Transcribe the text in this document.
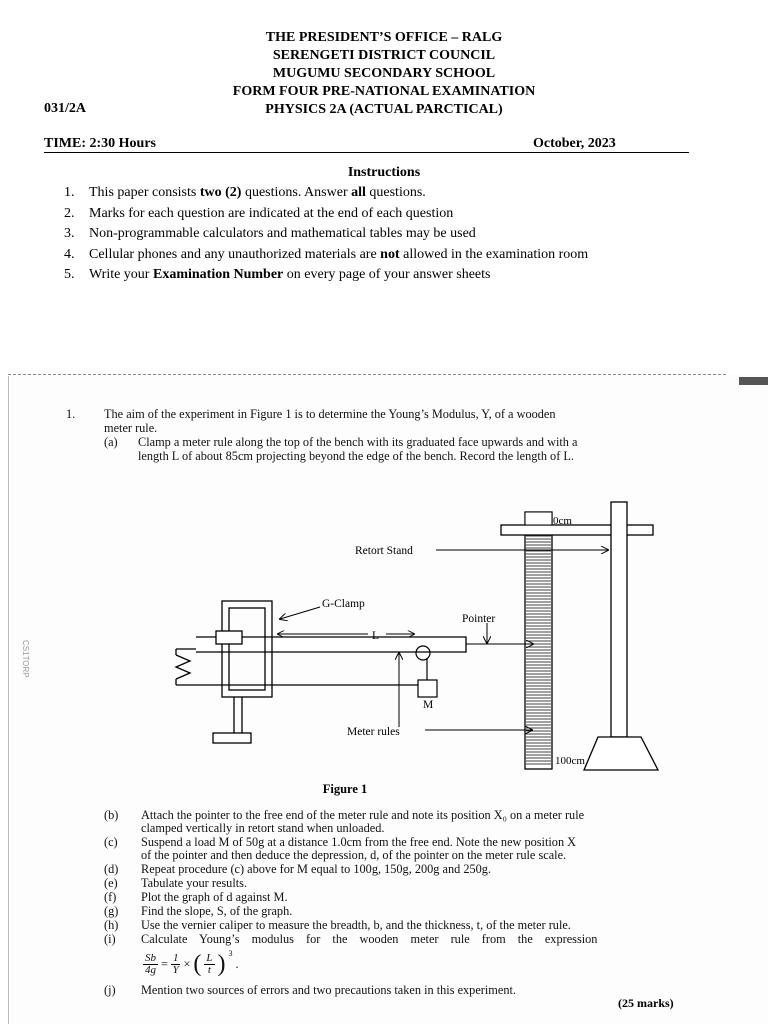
THE PRESIDENT’S OFFICE – RALG
SERENGETI DISTRICT COUNCIL
MUGUMU SECONDARY SCHOOL
FORM FOUR PRE-NATIONAL EXAMINATION
PHYSICS 2A (ACTUAL PARCTICAL)
031/2A
TIME: 2:30 Hours	October, 2023
Instructions
1. This paper consists two (2) questions. Answer all questions.
2. Marks for each question are indicated at the end of each question
3. Non-programmable calculators and mathematical tables may be used
4. Cellular phones and any unauthorized materials are not allowed in the examination room
5. Write your Examination Number on every page of your answer sheets
CS1TORP
1. The aim of the experiment in Figure 1 is to determine the Young’s Modulus, Y, of a wooden
meter rule.
(a) Clamp a meter rule along the top of the bench with its graduated face upwards and with a
length L of about 85cm projecting beyond the edge of the bench. Record the length of L.
0cm
100cm
Retort Stand
G-Clamp
Pointer
L
M
Meter rules
Figure 1
(b) Attach the pointer to the free end of the meter rule and note its position X₀ on a meter rule
clamped vertically in retort stand when unloaded.
(c) Suspend a load M of 50g at a distance 1.0cm from the free end. Note the new position X
of the pointer and then deduce the depression, d, of the pointer on the meter rule scale.
(d) Repeat procedure (c) above for M equal to 100g, 150g, 200g and 250g.
(e) Tabulate your results.
(f) Plot the graph of d against M.
(g) Find the slope, S, of the graph.
(h) Use the vernier caliper to measure the breadth, b, and the thickness, t, of the meter rule.
(i) Calculate Young’s modulus for the wooden meter rule from the expression
$\frac{Sb}{4g} = \frac{1}{Y}$ × ( $\frac{L}{t}$ ) 3
.
(j) Mention two sources of errors and two precautions taken in this experiment.
(25 marks)
